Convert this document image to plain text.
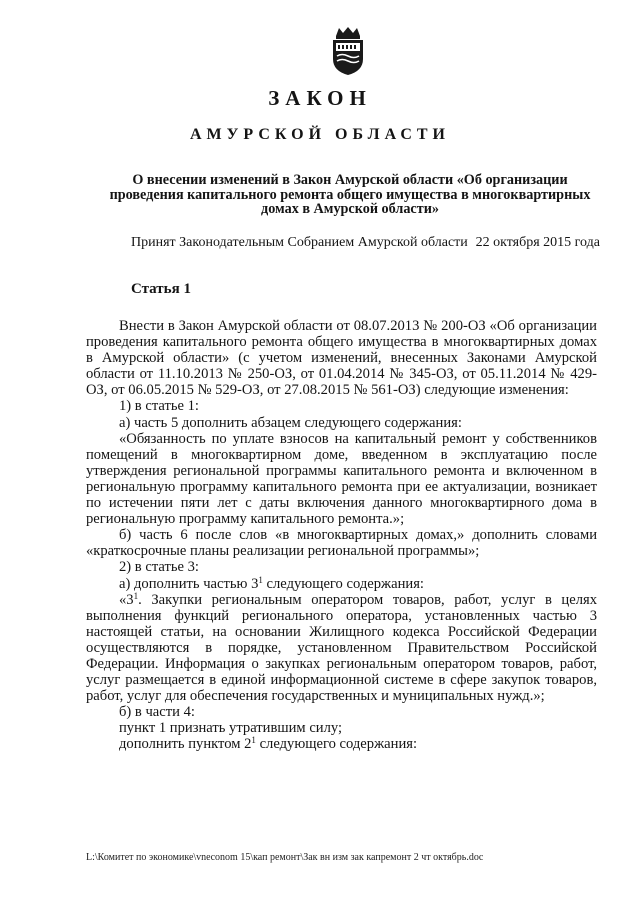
ЗАКОН
АМУРСКОЙ ОБЛАСТИ
О внесении изменений в Закон Амурской области «Об организации проведения капитального ремонта общего имущества в многоквартирных домах в Амурской области»
Принят Законодательным Собранием Амурской области 22 октября 2015 года
Статья 1

Внести в Закон Амурской области от 08.07.2013 № 200-ОЗ «Об организации проведения капитального ремонта общего имущества в многоквартирных домах в Амурской области» (с учетом изменений, внесенных Законами Амурской области от 11.10.2013 № 250-ОЗ, от 01.04.2014 № 345-ОЗ, от 05.11.2014 № 429-ОЗ, от 06.05.2015 № 529-ОЗ, от 27.08.2015 № 561-ОЗ) следующие изменения:

1) в статье 1:

а) часть 5 дополнить абзацем следующего содержания:

«Обязанность по уплате взносов на капитальный ремонт у собственников помещений в многоквартирном доме, введенном в эксплуатацию после утверждения региональной программы капитального ремонта и включенном в региональную программу капитального ремонта при ее актуализации, возникает по истечении пяти лет с даты включения данного многоквартирного дома в региональную программу капитального ремонта.»;

б) часть 6 после слов «в многоквартирных домах,» дополнить словами «краткосрочные планы реализации региональной программы»;

2) в статье 3:

а) дополнить частью $3^1$ следующего содержания:

«$3^1$. Закупки региональным оператором товаров, работ, услуг в целях выполнения функций регионального оператора, установленных частью 3 настоящей статьи, на основании Жилищного кодекса Российской Федерации осуществляются в порядке, установленном Правительством Российской Федерации. Информация о закупках региональным оператором товаров, работ, услуг размещается в единой информационной системе в сфере закупок товаров, работ, услуг для обеспечения государственных и муниципальных нужд.»;

б) в части 4:

пункт 1 признать утратившим силу;

дополнить пунктом $2^1$ следующего содержания:

L:\Комитет по экономике\vneconom 15\кап ремонт\Зак вн изм зак капремонт 2 чт октябрь.doc
